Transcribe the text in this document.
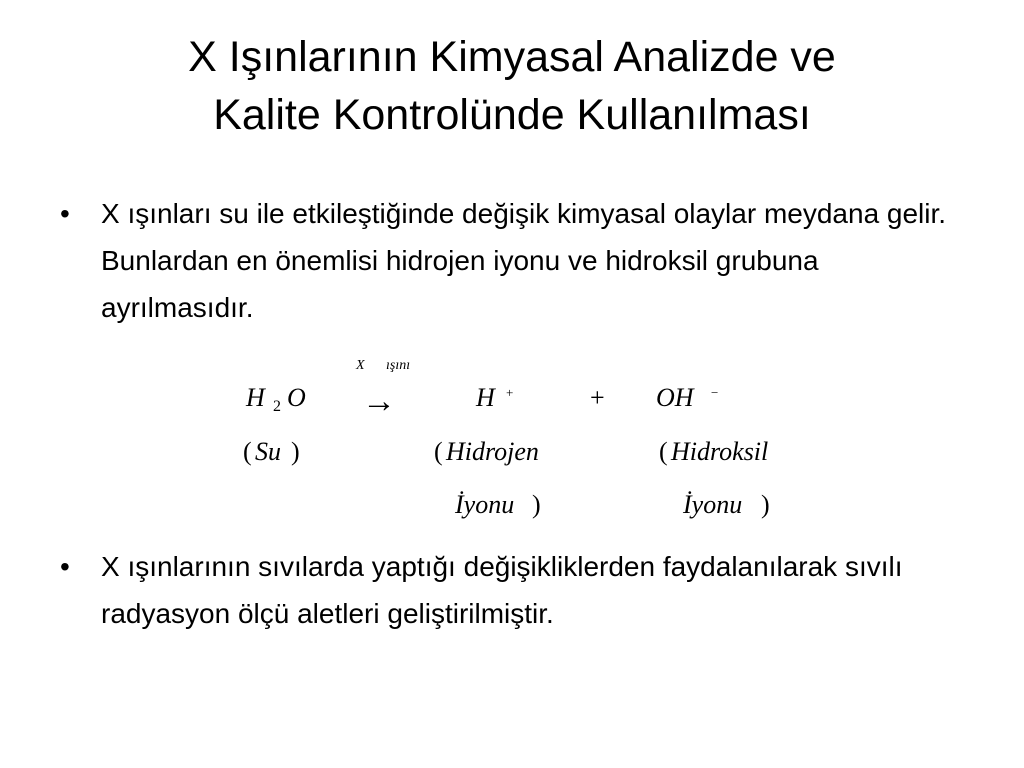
X Işınlarının Kimyasal Analizde ve
Kalite Kontrolünde Kullanılması
•	X ışınları su ile etkileştiğinde değişik kimyasal olaylar meydana gelir. Bunlardan en önemlisi hidrojen iyonu ve hidroksil grubuna ayrılmasıdır.
X ışını
H 2 O →	H +	+ OH −
( Su )	( Hidrojen	( Hidroksil
İyonu )	İyonu )
•	X ışınlarının sıvılarda yaptığı değişikliklerden faydalanılarak sıvılı radyasyon ölçü aletleri geliştirilmiştir.
